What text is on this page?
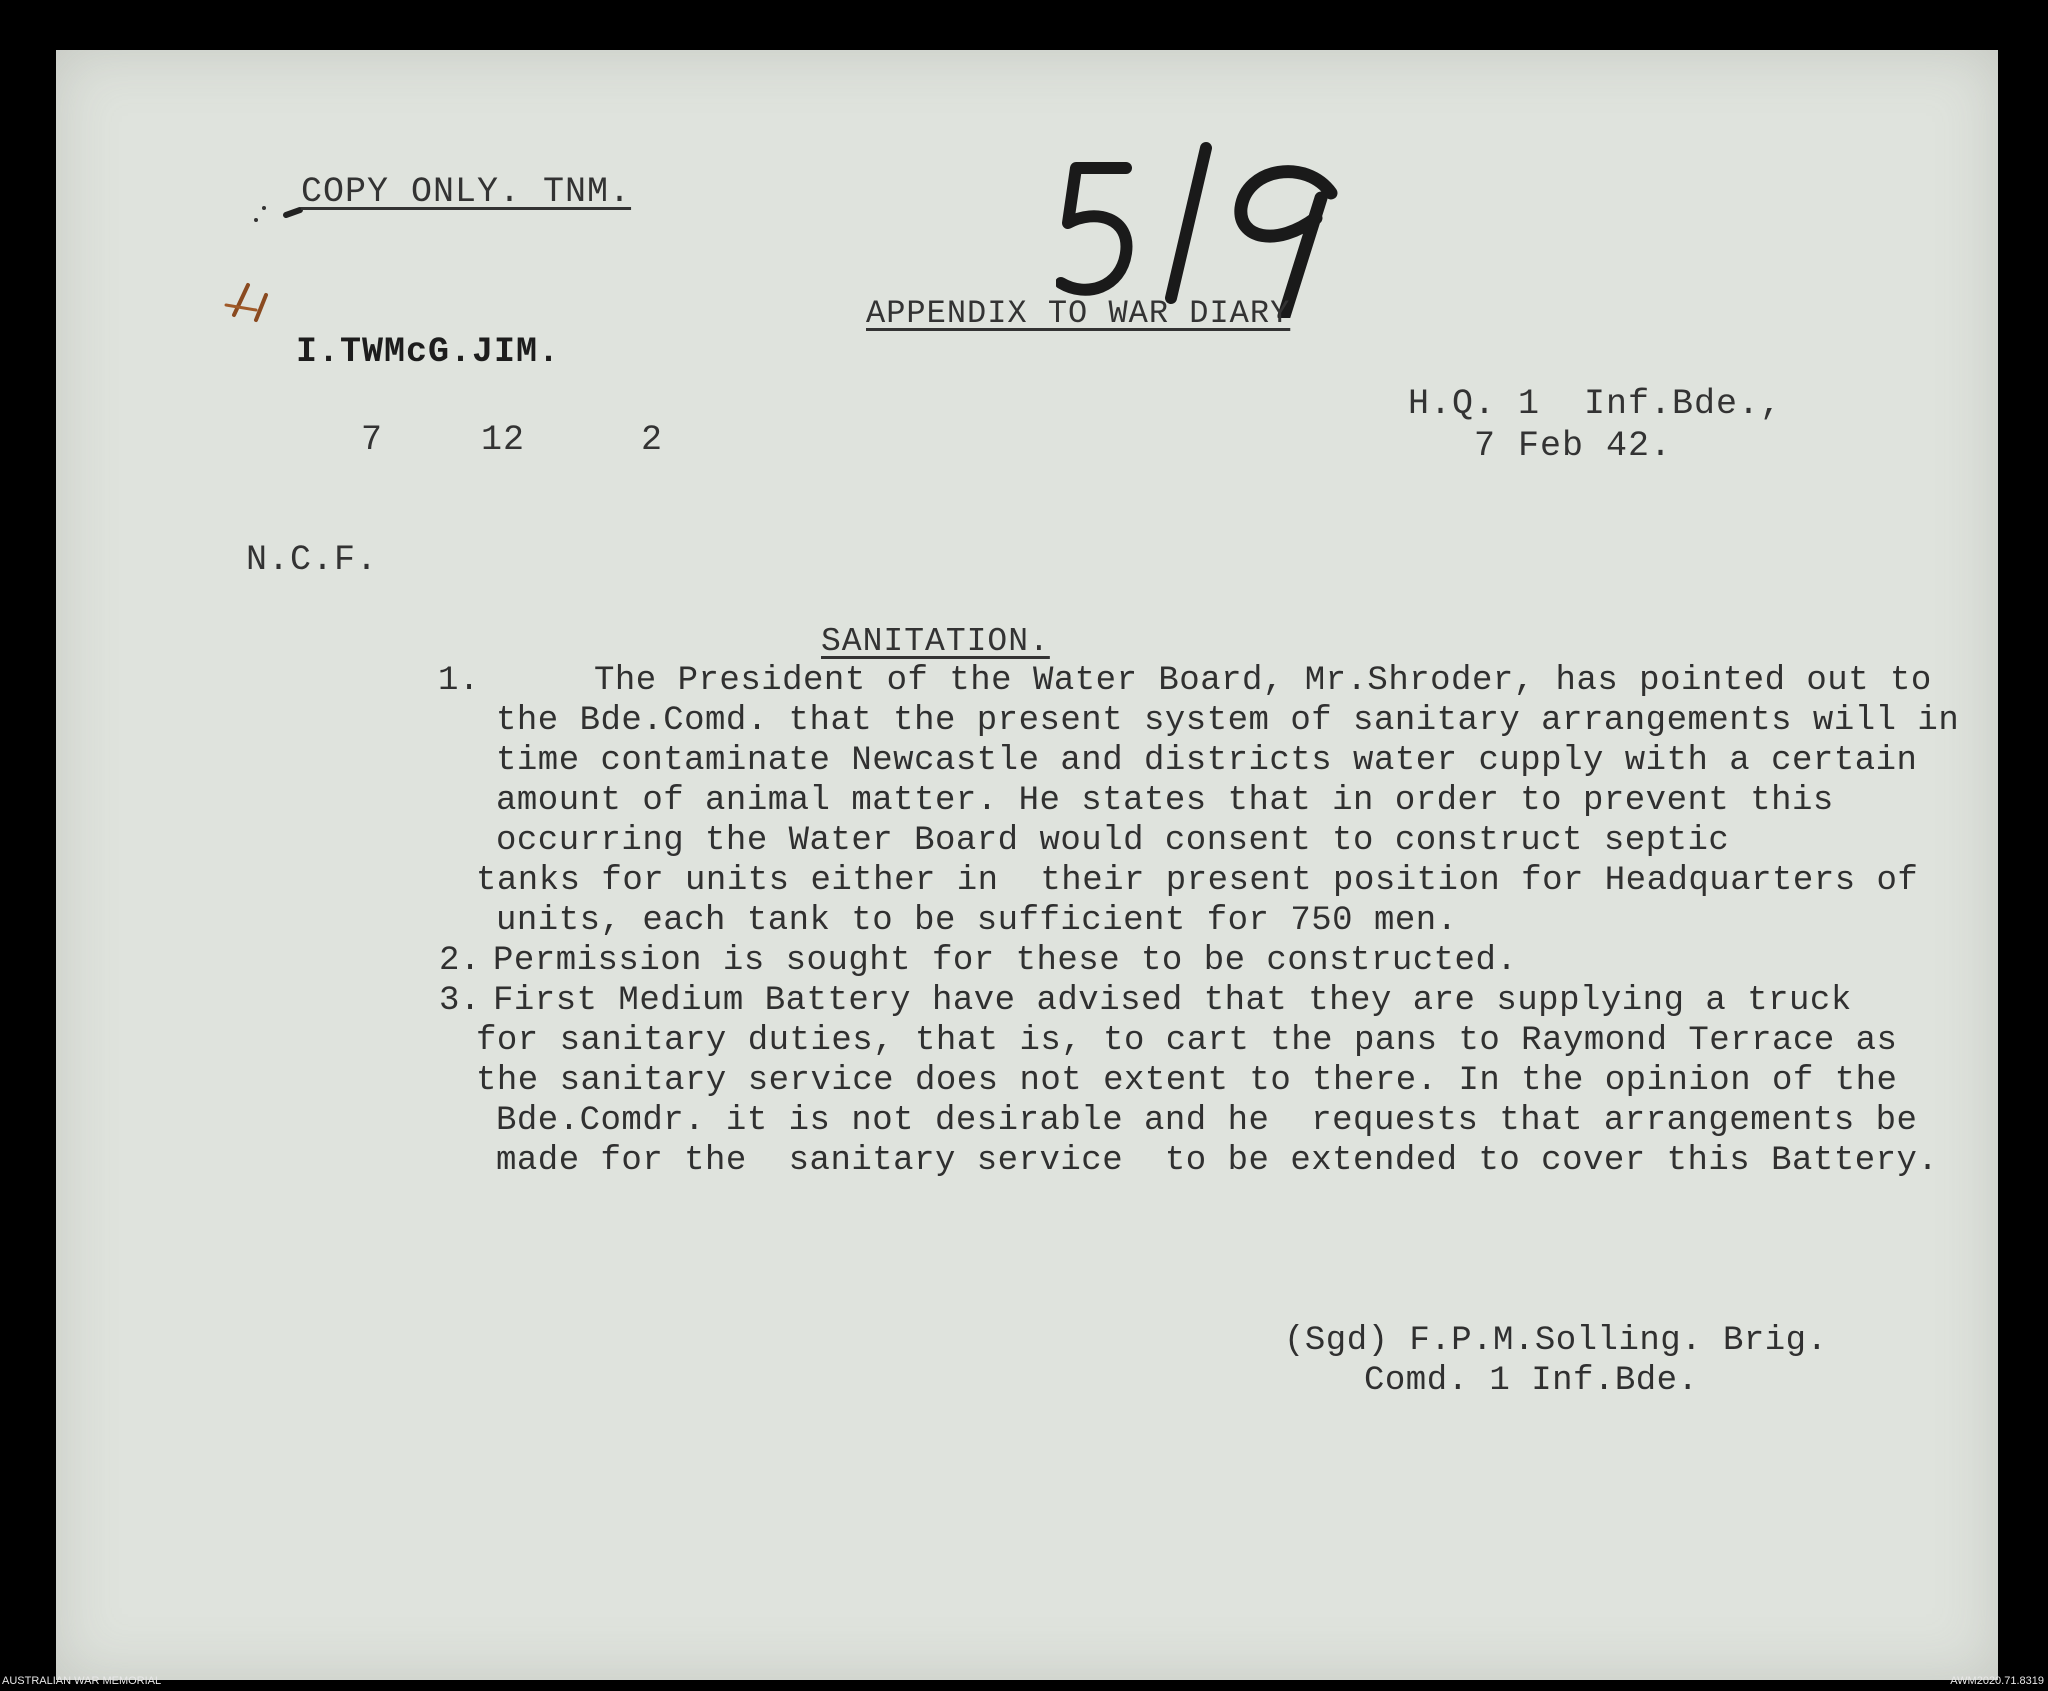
COPY ONLY. TNM.
APPENDIX TO WAR DIARY
I.TWMcG.JIM.
7	12	2
H.Q. 1  Inf.Bde.,
7 Feb 42.
N.C.F.
SANITATION.
1.	The President of the Water Board, Mr.Shroder, has pointed out to
the Bde.Comd. that the present system of sanitary arrangements will in
time contaminate Newcastle and districts water cupply with a certain
amount of animal matter. He states that in order to prevent this
occurring the Water Board would consent to construct septic
tanks for units either in  their present position for Headquarters of
units, each tank to be sufficient for 750 men.
2. Permission is sought for these to be constructed.
3. First Medium Battery have advised that they are supplying a truck
for sanitary duties, that is, to cart the pans to Raymond Terrace as
the sanitary service does not extent to there. In the opinion of the
Bde.Comdr. it is not desirable and he  requests that arrangements be
made for the  sanitary service  to be extended to cover this Battery.
(Sgd) F.P.M.Solling. Brig.
Comd. 1 Inf.Bde.
AUSTRALIAN WAR MEMORIAL	AWM2020.71.8319
